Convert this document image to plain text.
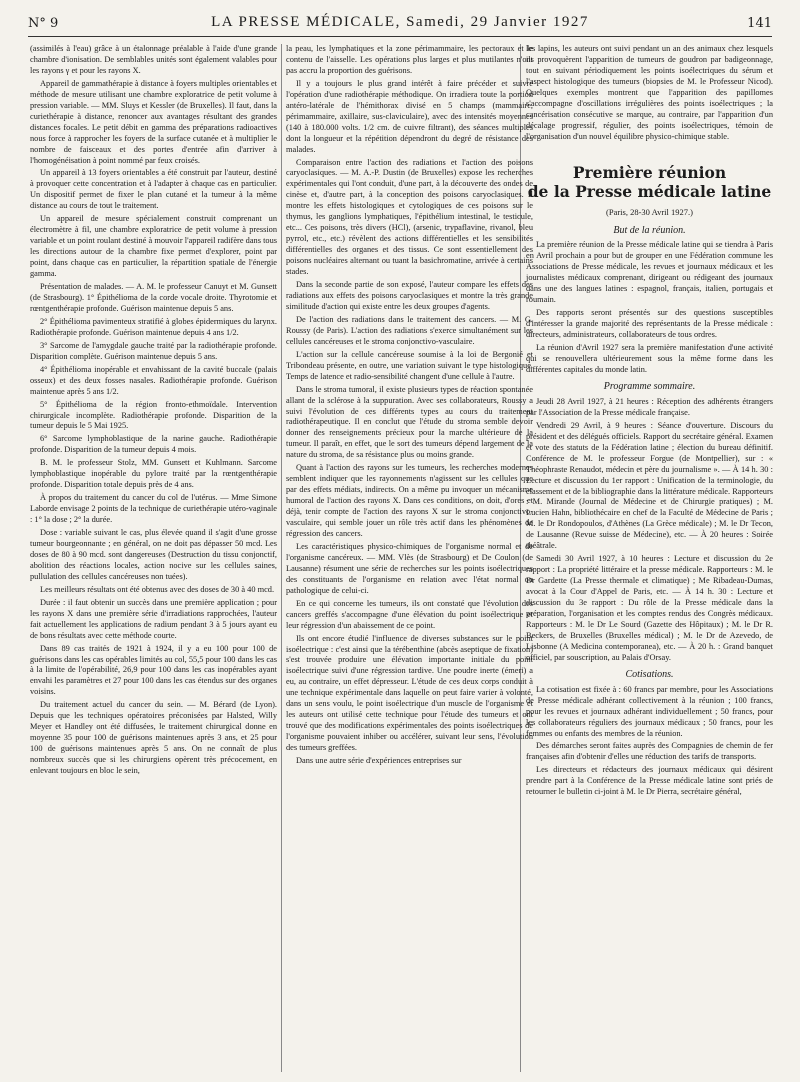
N° 9	LA PRESSE MÉDICALE, Samedi, 29 Janvier 1927	141

(assimilés à l'eau) grâce à un étalonnage préalable à l'aide d'une grande chambre d'ionisation. De semblables unités sont également valables pour les rayons γ et pour les rayons X.

Appareil de gammathérapie à distance à foyers multiples orientables et méthode de mesure utilisant une chambre exploratrice de petit volume à pression variable. — MM. Sluys et Kessler (de Bruxelles). Il faut, dans la curiethérapie à distance, renoncer aux avantages résultant des grandes distances focales. Le petit débit en gamma des préparations radioactives nous force à rapprocher les foyers de la surface cutanée et à multiplier le nombre de faisceaux et des portes d'entrée afin d'arriver à l'homogénéisation à point nommé par feux croisés.

Un appareil à 13 foyers orientables a été construit par l'auteur, destiné à provoquer cette concentration et à l'adapter à chaque cas en particulier. Un dispositif permet de fixer le plan cutané et la tumeur à la même distance au cours de tout le traitement.

Un appareil de mesure spécialement construit comprenant un électromètre à fil, une chambre exploratrice de petit volume à pression variable et un point roulant destiné à mouvoir l'appareil radifère dans tous les directions autour de la chambre fixe permet d'explorer, point par point, dans chaque cas en particulier, la répartition spatiale de l'énergie gamma.

Présentation de malades. — A. M. le professeur Canuyt et M. Gunsett (de Strasbourg). 1° Épithélioma de la corde vocale droite. Thyrotomie et rœntgenthérapie profonde. Guérison maintenue depuis 5 ans.

2° Épithélioma pavimenteux stratifié à globes épidermiques du larynx. Radiothérapie profonde. Guérison maintenue depuis 4 ans 1/2.

3° Sarcome de l'amygdale gauche traité par la radiothérapie profonde. Disparition complète. Guérison maintenue depuis 5 ans.

4° Épithélioma inopérable et envahissant de la cavité buccale (palais osseux) et des deux fosses nasales. Radiothérapie profonde. Guérison maintenue après 5 ans 1/2.

5° Épithélioma de la région fronto-ethmoïdale. Intervention chirurgicale incomplète. Radiothérapie profonde. Disparition de la tumeur depuis le 5 Mai 1925.

6° Sarcome lymphoblastique de la narine gauche. Radiothérapie profonde. Disparition de la tumeur depuis 4 mois.

B. M. le professeur Stolz, MM. Gunsett et Kuhlmann. Sarcome lymphoblastique inopérable du pylore traité par la rœntgenthérapie profonde. Disparition totale depuis près de 4 ans.

À propos du traitement du cancer du col de l'utérus. — Mme Simone Laborde envisage 2 points de la technique de curiethérapie utéro-vaginale : 1° la dose ; 2° la durée.

Dose : variable suivant le cas, plus élevée quand il s'agit d'une grosse tumeur bourgeonnante ; en général, on ne doit pas dépasser 50 mcd. Les doses de 80 à 90 mcd. sont dangereuses (Destruction du tissu conjonctif, abolition des réactions locales, action nocive sur les cellules saines, pullulation des cellules cancéreuses non tuées).

Les meilleurs résultats ont été obtenus avec des doses de 30 à 40 mcd.

Durée : il faut obtenir un succès dans une première application ; pour les rayons X dans une première série d'irradiations rapprochées, l'auteur fait actuellement les applications de radium pendant 3 à 5 jours ayant eu de bons résultats avec cette méthode courte.

Dans 89 cas traités de 1921 à 1924, il y a eu 100 pour 100 de guérisons dans les cas opérables limités au col, 55,5 pour 100 dans les cas à la limite de l'opérabilité, 26,9 pour 100 dans les cas inopérables ayant envahi les paramètres et 27 pour 100 dans les cas étendus sur des organes voisins.

Du traitement actuel du cancer du sein. — M. Bérard (de Lyon). Depuis que les techniques opératoires préconisées par Halsted, Willy Meyer et Handley ont été diffusées, le traitement chirurgical donne en moyenne 35 pour 100 de guérisons maintenues après 3 ans, et 25 pour 100 de guérisons maintenues après 5 ans. On ne connaît de plus nombreux succès que si les chirurgiens opèrent très précocement, en enlevant toujours en bloc le sein,

la peau, les lymphatiques et la zone périmammaire, les pectoraux et le contenu de l'aisselle. Les opérations plus larges et plus mutilantes n'ont pas accru la proportion des guérisons.

Il y a toujours le plus grand intérêt à faire précéder et suivre l'opération d'une radiothérapie méthodique. On irradiera toute la portion antéro-latérale de l'hémithorax divisé en 5 champs (mammaire, périmammaire, axillaire, sus-claviculaire), avec des intensités moyennes (140 à 180.000 volts. 1/2 cm. de cuivre filtrant), des séances multiples dont la longueur et la répétition dépendront du degré de résistance des malades.

Comparaison entre l'action des radiations et l'action des poisons caryoclasiques. — M. A.-P. Dustin (de Bruxelles) expose les recherches expérimentales qui l'ont conduit, d'une part, à la découverte des ondes de cinèse et, d'autre part, à la conception des poisons caryoclasiques. Il montre les effets histologiques et cytologiques de ces poisons sur le thymus, les ganglions lymphatiques, l'épithélium intestinal, le testicule, etc... Ces poisons, très divers (HCl), (arsenic, trypaflavine, rivanol, bleu pyrrol, etc., etc.) révèlent des actions différentielles et les sensibilités différentielles des organes et des tissus. Ce sont essentiellement des poisons nucléaires alternant ou tuant la basichromatine, arrivée à certains stades.

Dans la seconde partie de son exposé, l'auteur compare les effets des radiations aux effets des poisons caryoclasiques et montre la très grande similitude d'action qui existe entre les deux groupes d'agents.

De l'action des radiations dans le traitement des cancers. — M. G. Roussy (de Paris). L'action des radiations s'exerce simultanément sur les cellules cancéreuses et le stroma conjonctivo-vasculaire.

L'action sur la cellule cancéreuse soumise à la loi de Bergonié et Tribondeau présente, en outre, une variation suivant le type histologique. Temps de latence et radio-sensibilité changent d'une cellule à l'autre.

Dans le stroma tumoral, il existe plusieurs types de réaction spontanée allant de la sclérose à la suppuration. Avec ses collaborateurs, Roussy a suivi l'évolution de ces différents types au cours du traitement radiothérapeutique. Il en conclut que l'étude du stroma semble devoir donner des renseignements précieux pour la marche ultérieure de la tumeur. Il paraît, en effet, que le sort des tumeurs dépend largement de la nature du stroma, de sa résistance plus ou moins grande.

Quant à l'action des rayons sur les tumeurs, les recherches modernes semblent indiquer que les rayonnements n'agissent sur les cellules que par des effets médiats, indirects. On a même pu invoquer un mécanisme humoral de l'action des rayons X. Dans ces conditions, on doit, d'ores et déjà, tenir compte de l'action des rayons X sur le stroma conjonctivo-vasculaire, qui semble jouer un rôle très actif dans les phénomènes de régression des cancers.

Les caractéristiques physico-chimiques de l'organisme normal et de l'organisme cancéreux. — MM. Vlès (de Strasbourg) et De Coulon (de Lausanne) résument une série de recherches sur les points isoélectriques des constituants de l'organisme en relation avec l'état normal ou pathologique de celui-ci.

En ce qui concerne les tumeurs, ils ont constaté que l'évolution des cancers greffés s'accompagne d'une élévation du point isoélectrique et leur régression d'un abaissement de ce point.

Ils ont encore étudié l'influence de diverses substances sur le point isoélectrique : c'est ainsi que la térébenthine (abcès aseptique de fixation) s'est trouvée produire une élévation importante initiale du point isoélectrique suivi d'une régression tardive. Une poudre inerte (émeri) a eu, au contraire, un effet dépresseur. L'étude de ces deux corps conduit à une technique expérimentale dans laquelle on peut faire varier à volonté, dans un sens voulu, le point isoélectrique d'un muscle de l'organisme et les auteurs ont utilisé cette technique pour l'étude des tumeurs et ont trouvé que des modifications expérimentales des points isoélectriques de l'organisme pouvaient inhiber ou accélérer, suivant leur sens, l'évolution des tumeurs greffées.

Dans une autre série d'expériences entreprises sur

les lapins, les auteurs ont suivi pendant un an des animaux chez lesquels ils provoquèrent l'apparition de tumeurs de goudron par badigeonnage, tout en suivant périodiquement les points isoélectriques du sérum et l'aspect histologique des tumeurs (biopsies de M. le Professeur Nicod). Quelques exemples montrent que l'apparition des papillomes s'accompagne d'oscillations irrégulières des points isoélectriques ; la cancérisation consécutive se marque, au contraire, par l'apparition d'un décalage progressif, régulier, des points isoélectriques, témoin de l'organisation d'un nouvel équilibre physico-chimique stable.

Première réunion
de la Presse médicale latine
(Paris, 28-30 Avril 1927.)
But de la réunion.

La première réunion de la Presse médicale latine qui se tiendra à Paris en Avril prochain a pour but de grouper en une Fédération commune les Associations de Presse médicale, les revues et journaux médicaux et les journalistes médicaux comprenant, dirigeant ou rédigeant des journaux dans une des langues latines : espagnol, français, italien, portugais et roumain.

Des rapports seront présentés sur des questions susceptibles d'intéresser la grande majorité des représentants de la Presse médicale : directeurs, administrateurs, collaborateurs de tous ordres.

La réunion d'Avril 1927 sera la première manifestation d'une activité qui se renouvellera ultérieurement sous la même forme dans les différentes capitales du monde latin.

Programme sommaire.

Jeudi 28 Avril 1927, à 21 heures : Réception des adhérents étrangers par l'Association de la Presse médicale française.

Vendredi 29 Avril, à 9 heures : Séance d'ouverture. Discours du président et des délégués officiels. Rapport du secrétaire général. Examen et vote des statuts de la Fédération latine ; élection du bureau définitif. Conférence de M. le professeur Forgue (de Montpellier), sur : « Théophraste Renaudot, médecin et père du journalisme ». — À 14 h. 30 : Lecture et discussion du 1er rapport : Unification de la terminologie, du classement et de la bibliographie dans la littérature médicale. Rapporteurs : M. Mirande (Journal de Médecine et de Chirurgie pratiques) ; M. Lucien Hahn, bibliothécaire en chef de la Faculté de Médecine de Paris ; M. le Dr Rondopoulos, d'Athènes (La Grèce médicale) ; M. le Dr Tecon, de Lausanne (Revue suisse de Médecine), etc. — À 20 heures : Soirée théâtrale.

Samedi 30 Avril 1927, à 10 heures : Lecture et discussion du 2e rapport : La propriété littéraire et la presse médicale. Rapporteurs : M. le Dr Gardette (La Presse thermale et climatique) ; Me Ribadeau-Dumas, avocat à la Cour d'Appel de Paris, etc. — À 14 h. 30 : Lecture et discussion du 3e rapport : Du rôle de la Presse médicale dans la préparation, l'organisation et les comptes rendus des Congrès médicaux. Rapporteurs : M. le Dr Le Sourd (Gazette des Hôpitaux) ; M. le Dr R. Beckers, de Bruxelles (Bruxelles médical) ; M. le Dr de Azevedo, de Lisbonne (A Medicina contemporanea), etc. — À 20 h. : Grand banquet officiel, par souscription, au Palais d'Orsay.

Cotisations.

La cotisation est fixée à : 60 francs par membre, pour les Associations de Presse médicale adhérant collectivement à la réunion ; 100 francs, pour les revues et journaux adhérant individuellement ; 50 francs, pour les collaborateurs réguliers des journaux médicaux ; 50 francs, pour les femmes ou enfants des membres de la réunion.

Des démarches seront faites auprès des Compagnies de chemin de fer françaises afin d'obtenir d'elles une réduction des tarifs de transports.

Les directeurs et rédacteurs des journaux médicaux qui désirent prendre part à la Conférence de la Presse médicale latine sont priés de retourner le bulletin ci-joint à M. le Dr Pierra, secrétaire général,
